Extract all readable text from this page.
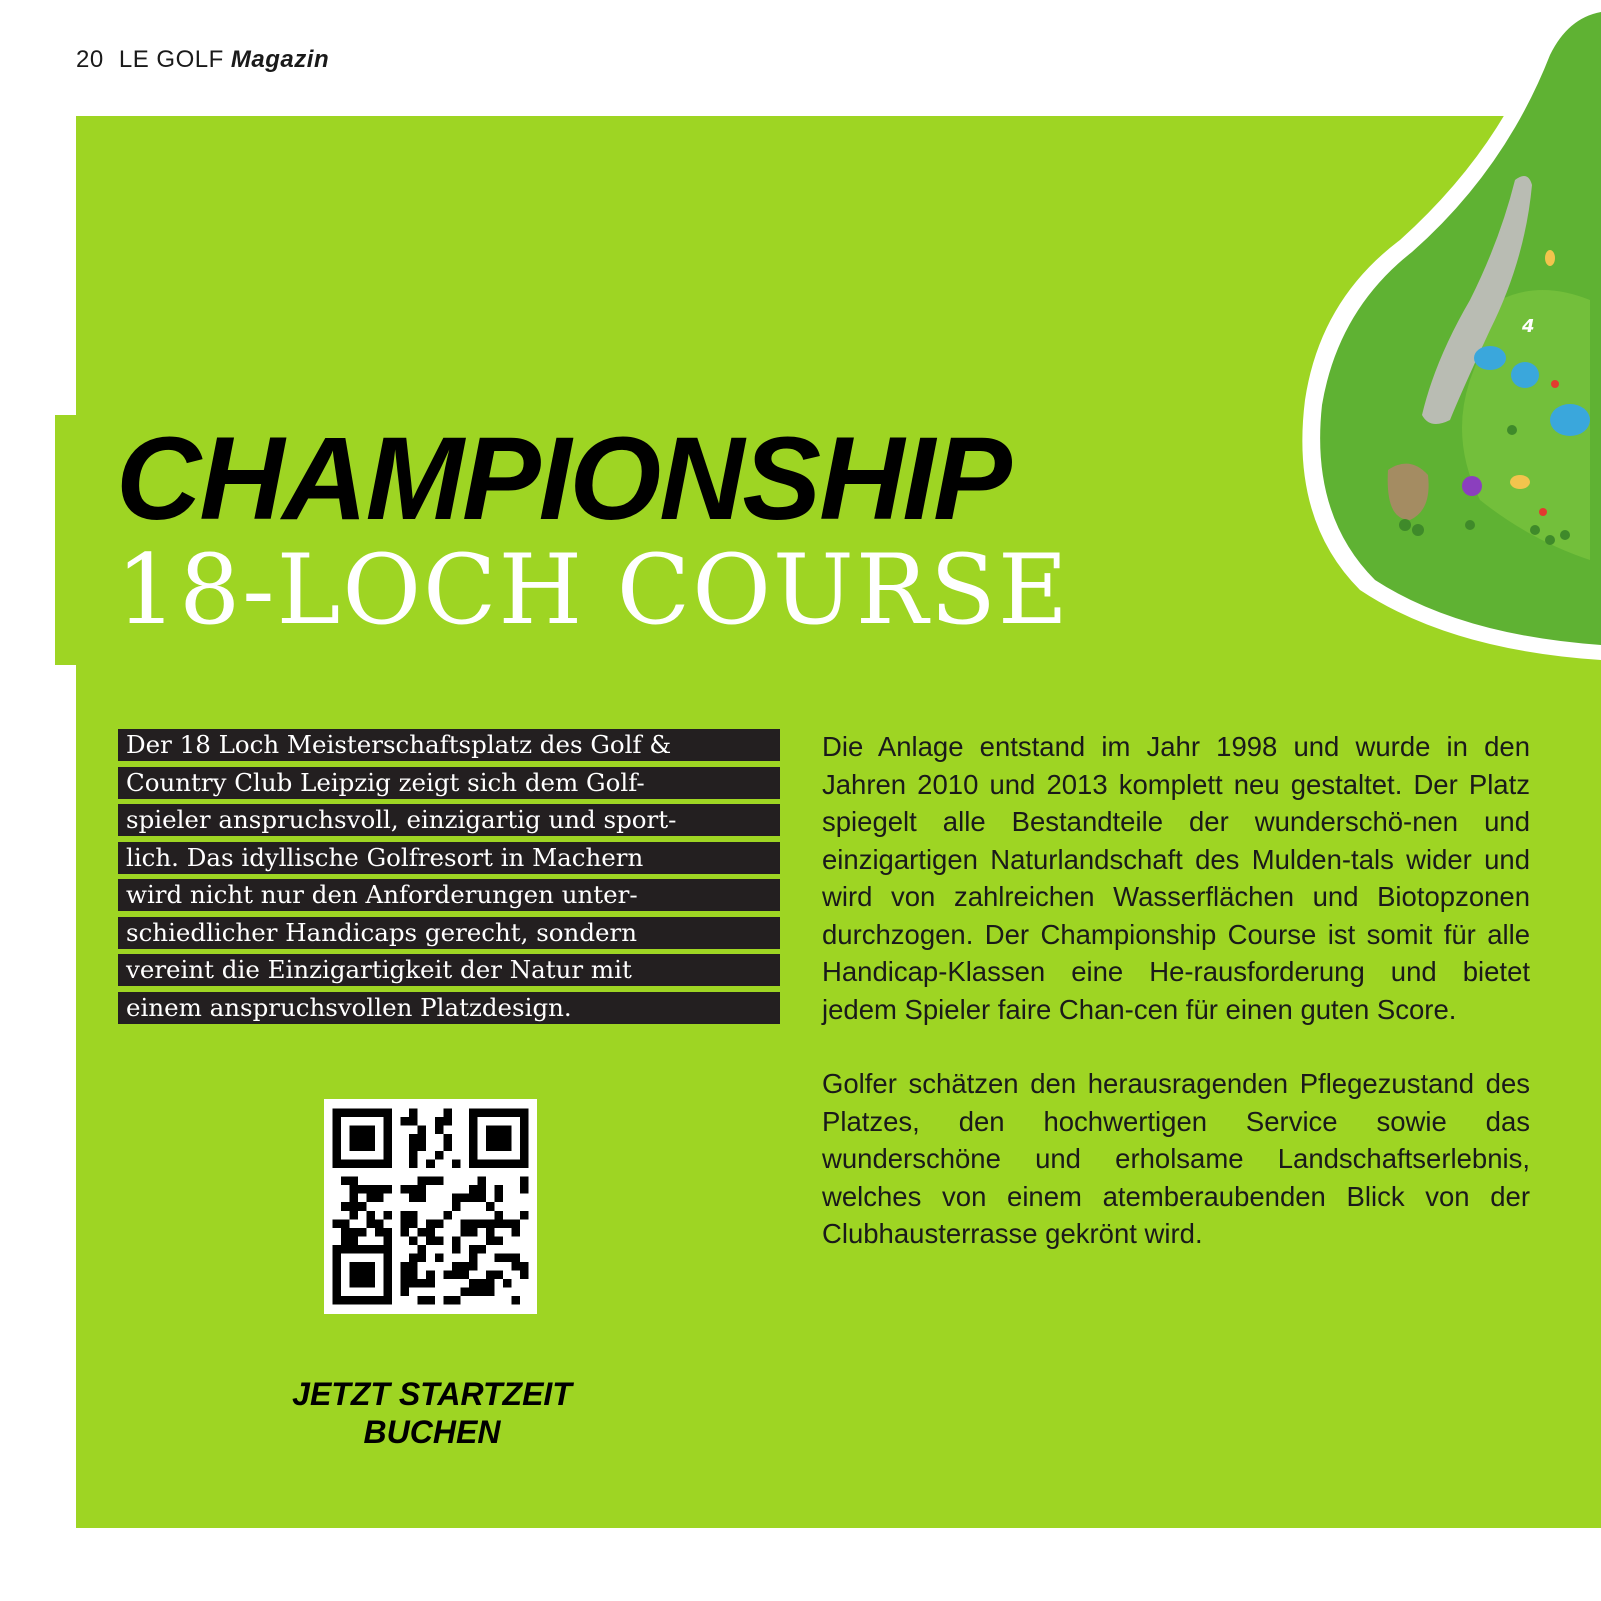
20 LE GOLF Magazin
4
CHAMPIONSHIP
18-LOCH COURSE
Der 18 Loch Meisterschaftsplatz des Golf &
Country Club Leipzig zeigt sich dem Golf-
spieler anspruchsvoll, einzigartig und sport-
lich. Das idyllische Golfresort in Machern
wird nicht nur den Anforderungen unter-
schiedlicher Handicaps gerecht, sondern
vereint die Einzigartigkeit der Natur mit
einem anspruchsvollen Platzdesign.

Die Anlage entstand im Jahr 1998 und wurde in den Jahren 2010 und 2013 komplett neu gestaltet. Der Platz spiegelt alle Bestandteile der wunderschö-nen und einzigartigen Naturlandschaft des Mulden-tals wider und wird von zahlreichen Wasserflächen und Biotopzonen durchzogen. Der Championship Course ist somit für alle Handicap-Klassen eine He-rausforderung und bietet jedem Spieler faire Chan-cen für einen guten Score.

Golfer schätzen den herausragenden Pflegezustand des Platzes, den hochwertigen Service sowie das wunderschöne und erholsame Landschaftserlebnis, welches von einem atemberaubenden Blick von der Clubhausterrasse gekrönt wird.

JETZT STARTZEIT
BUCHEN
